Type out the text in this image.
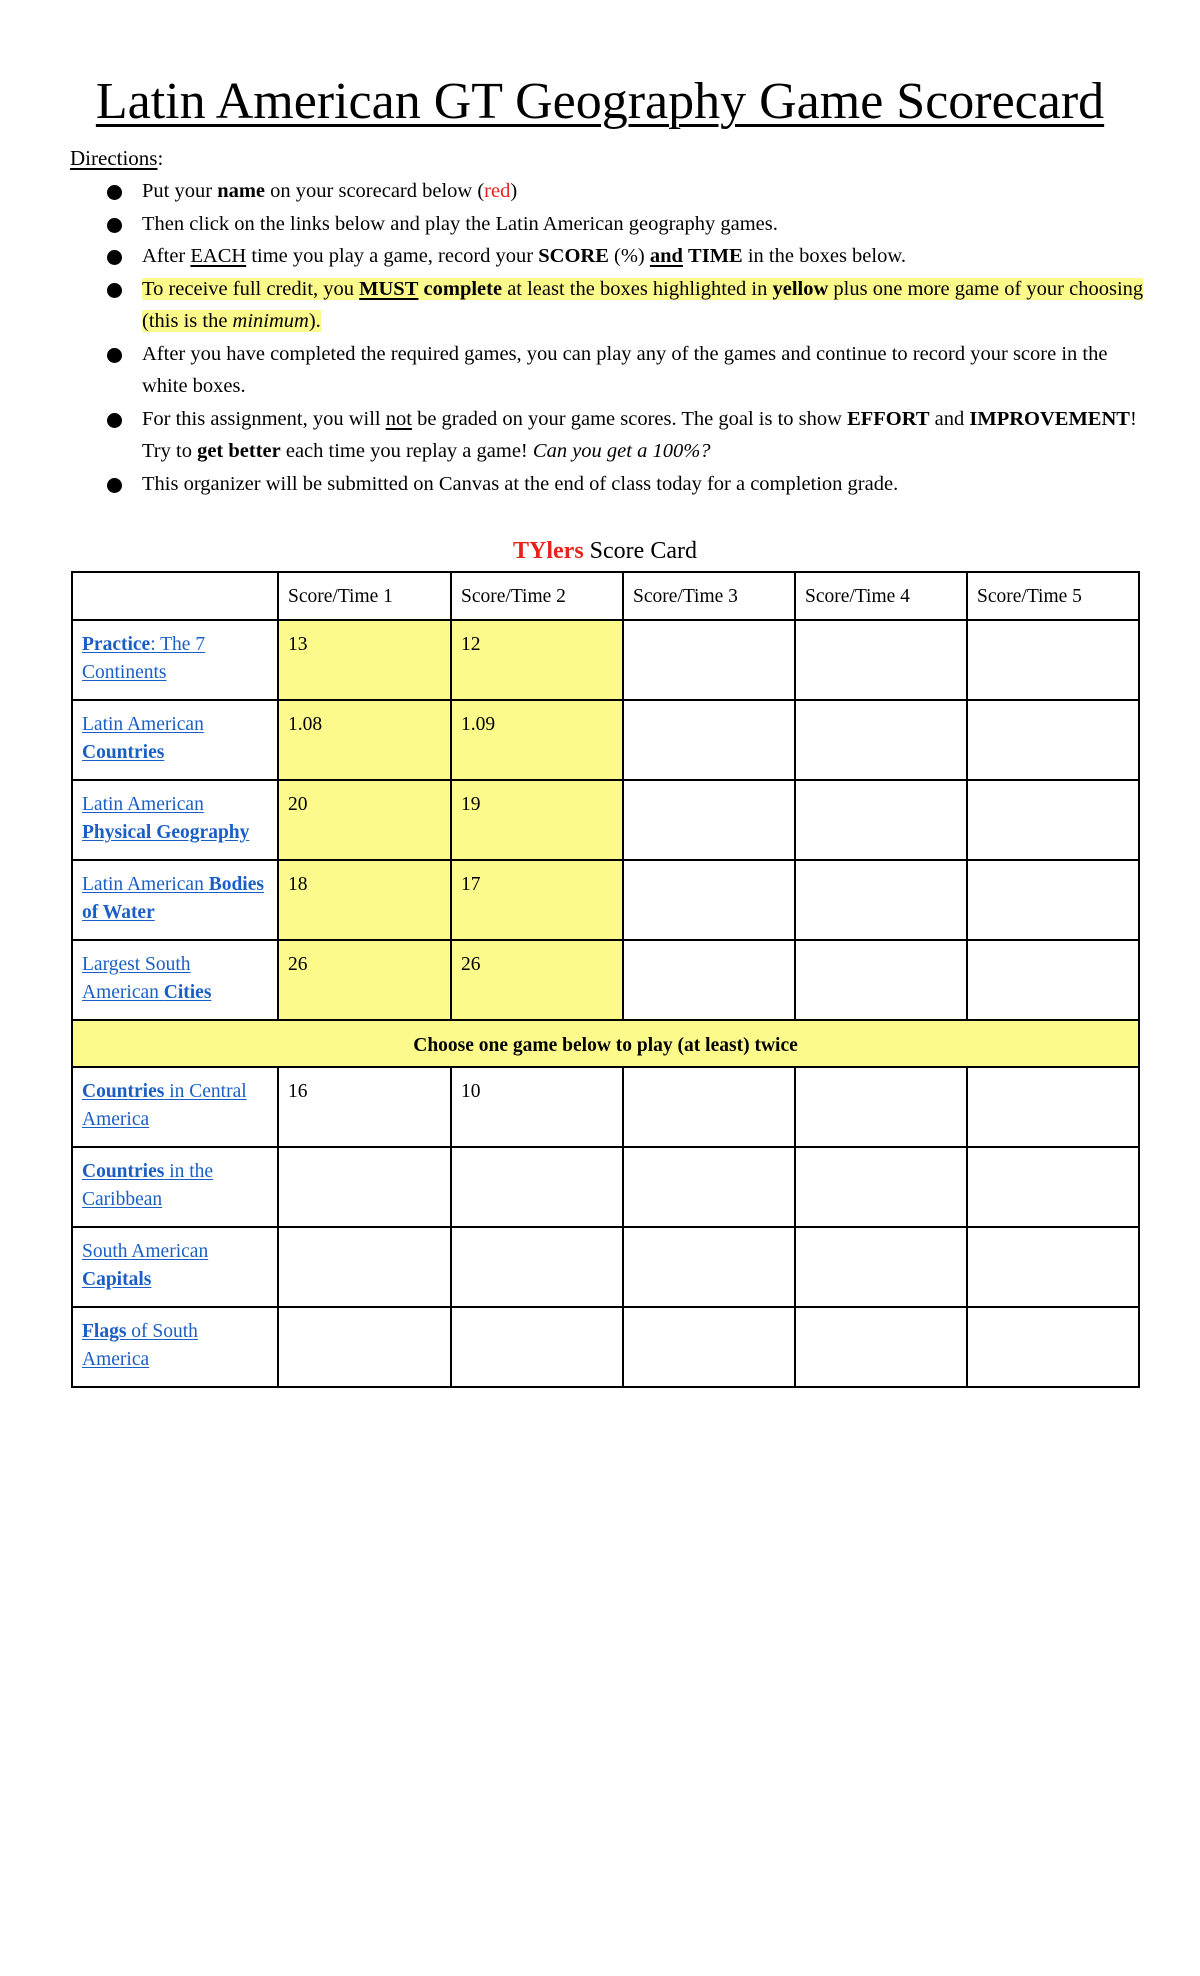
Latin American GT Geography Game Scorecard
Directions:
Put your name on your scorecard below (red)
Then click on the links below and play the Latin American geography games.
After EACH time you play a game, record your SCORE (%) and TIME in the boxes below.
To receive full credit, you MUST complete at least the boxes highlighted in yellow plus one more game of your choosing (this is the minimum).
After you have completed the required games, you can play any of the games and continue to record your score in the white boxes.
For this assignment, you will not be graded on your game scores. The goal is to show EFFORT and IMPROVEMENT! Try to get better each time you replay a game! Can you get a 100%?
This organizer will be submitted on Canvas at the end of class today for a completion grade.
TYlers Score Card
	Score/Time 1	Score/Time 2	Score/Time 3	Score/Time 4	Score/Time 5
Practice: The 7 Continents	13	12			
Latin American Countries	1.08	1.09			
Latin American Physical Geography	20	19			
Latin American Bodies of Water	18	17			
Largest South American Cities	26	26			
Choose one game below to play (at least) twice					
Countries in Central America	16	10			
Countries in the Caribbean					
South American Capitals					
Flags of South America					
